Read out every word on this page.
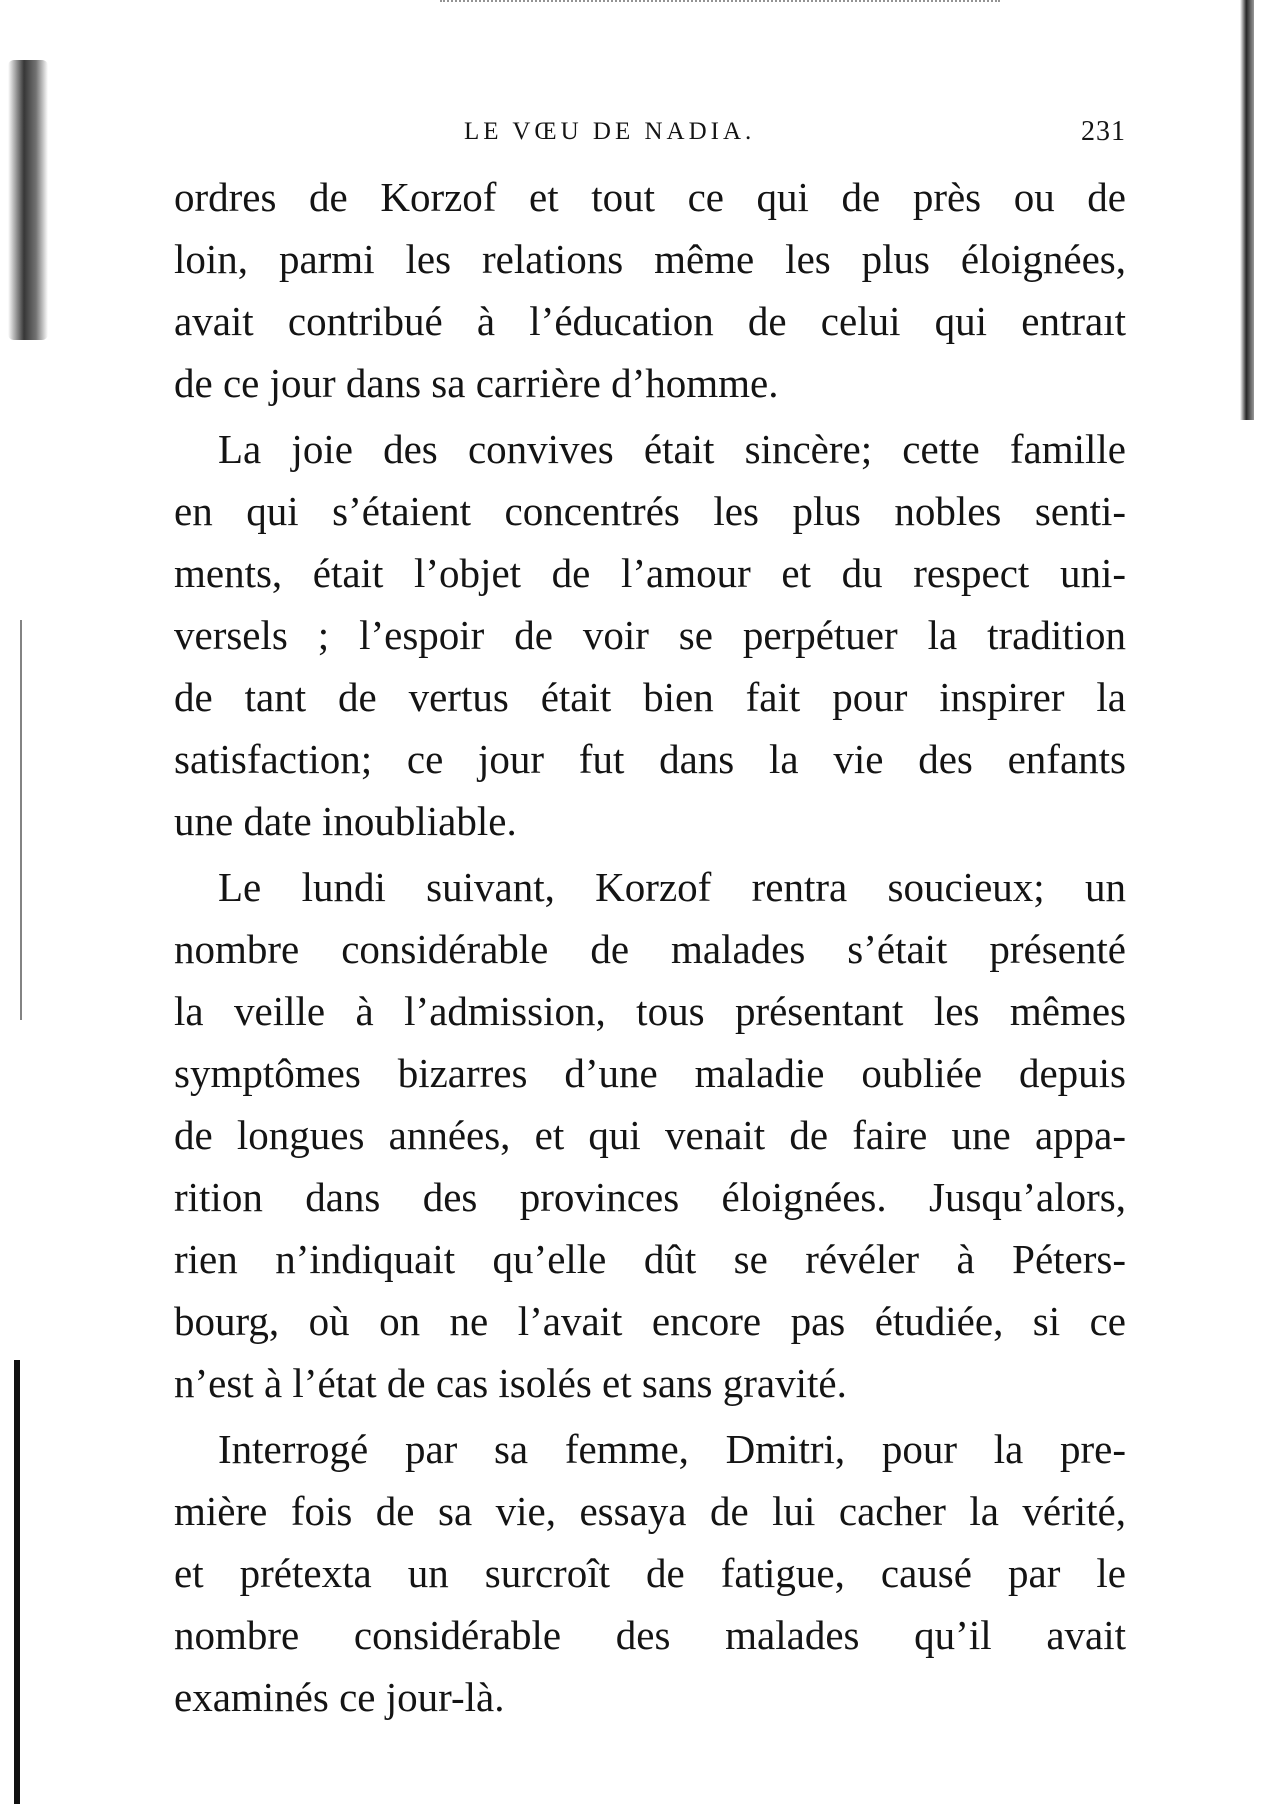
LE VŒU DE NADIA.	231

ordres de Korzof et tout ce qui de près ou de
loin, parmi les relations même les plus éloignées,
avait contribué à l’éducation de celui qui entraıt
de ce jour dans sa carrière d’homme.

La joie des convives était sincère; cette famille
en qui s’étaient concentrés les plus nobles senti-
ments, était l’objet de l’amour et du respect uni-
versels ; l’espoir de voir se perpétuer la tradition
de tant de vertus était bien fait pour inspirer la
satisfaction; ce jour fut dans la vie des enfants
une date inoubliable.

Le lundi suivant, Korzof rentra soucieux; un
nombre considérable de malades s’était présenté
la veille à l’admission, tous présentant les mêmes
symptômes bizarres d’une maladie oubliée depuis
de longues années, et qui venait de faire une appa-
rition dans des provinces éloignées. Jusqu’alors,
rien n’indiquait qu’elle dût se révéler à Péters-
bourg, où on ne l’avait encore pas étudiée, si ce
n’est à l’état de cas isolés et sans gravité.

Interrogé par sa femme, Dmitri, pour la pre-
mière fois de sa vie, essaya de lui cacher la vérité,
et prétexta un surcroît de fatigue, causé par le
nombre considérable des malades qu’il avait
examinés ce jour-là.
